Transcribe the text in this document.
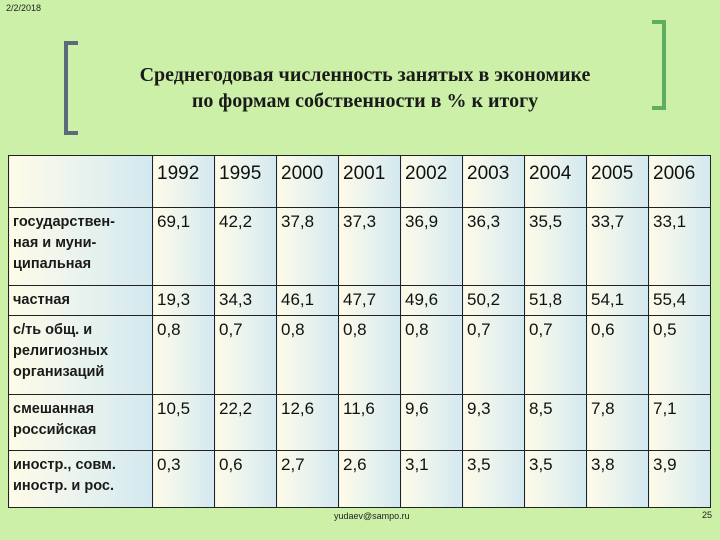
2/2/2018
Среднегодовая численность занятых в экономике
по формам собственности в % к итогу
	1992	1995	2000	2001	2002	2003	2004	2005	2006

государствен-
ная и муни-
ципальная	69,1	42,2	37,8	37,3	36,9	36,3	35,5	33,7	33,1

частная	19,3	34,3	46,1	47,7	49,6	50,2	51,8	54,1	55,4

с/ть общ. и
религиозных
организаций	0,8	0,7	0,8	0,8	0,8	0,7	0,7	0,6	0,5

смешанная
российская	10,5	22,2	12,6	11,6	9,6	9,3	8,5	7,8	7,1

иностр., совм.
иностр. и рос.	0,3	0,6	2,7	2,6	3,1	3,5	3,5	3,8	3,9
yudaev@sampo.ru	25
